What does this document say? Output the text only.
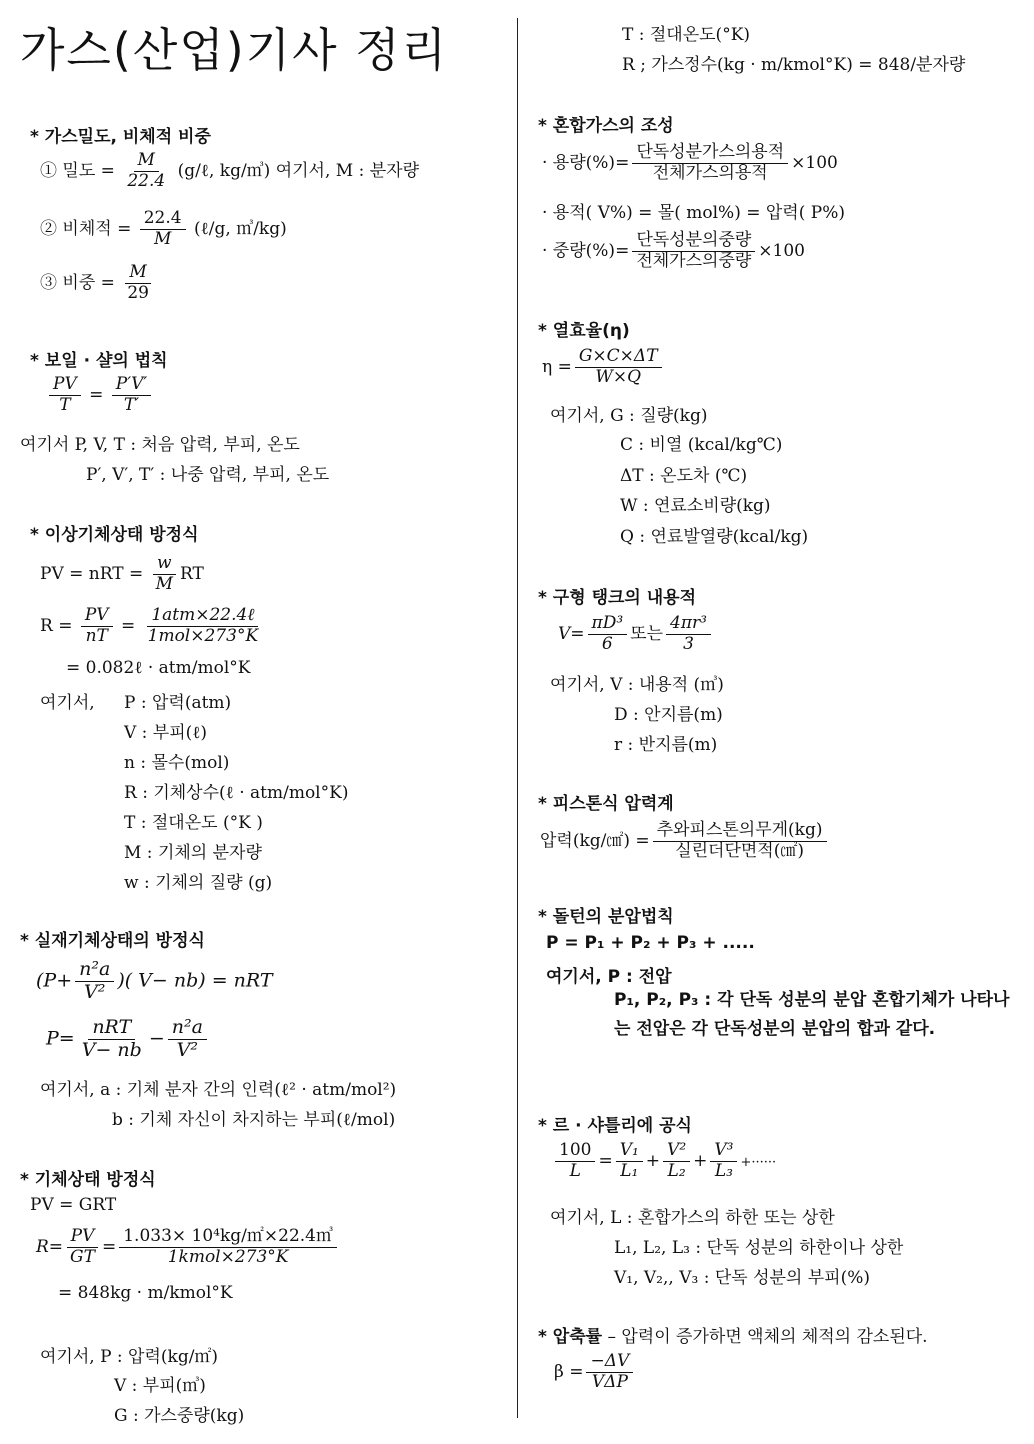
가스(산업)기사 정리
* 가스밀도, 비체적 비중
① 밀도 = $\frac{M}{22.4}$ (g/ℓ, kg/㎥) 여기서, M : 분자량
② 비체적 = $\frac{22.4}{M}$ (ℓ/g, ㎥/kg)
③ 비중 = $\frac{M}{29}$
* 보일 · 샬의 법칙
$\frac{PV}{T} = \frac{P'V'}{T'}$
여기서 P, V, T : 처음 압력, 부피, 온도
P′, V′, T′ : 나중 압력, 부피, 온도
* 이상기체상태 방정식
PV = nRT = $\frac{w}{M}$ RT
$R = \frac{PV}{nT} = \frac{\text{1atm×22.4ℓ}}{\text{1mol×273°K}}$
= 0.082ℓ · atm/mol°K
여기서, P : 압력(atm)
V : 부피(ℓ)
n : 몰수(mol)
R : 기체상수(ℓ · atm/mol°K)
T : 절대온도 (°K )
M : 기체의 분자량
w : 기체의 질량 (g)
* 실재기체상태의 방정식
($P+ \frac{\text{n²a}}{\text{V²}}$ )( V− nb) = nRT
$P= \frac{\text{nRT}}{V- nb} - \frac{\text{n²a}}{\text{V²}}$
여기서, a : 기체 분자 간의 인력(ℓ² · atm/mol²)
b : 기체 자신이 차지하는 부피(ℓ/mol)
* 기체상태 방정식
PV = GRT
$R= \frac{PV}{GT} = \frac{\text{1.033× 10⁴kg/㎡×22.4㎥}}{\text{1kmol×273°K}}$
= 848kg · m/kmol°K
여기서, P : 압력(kg/㎡)
V : 부피(㎥)
G : 가스중량(kg)
T : 절대온도(°K)
R ; 가스정수(kg · m/kmol°K) = 848/분자량
* 혼합가스의 조성
· 용량(%)= $\frac{\text{단독성분가스의용적}}{\text{전체가스의용적}} \times 100$
· 용적( V%) = 몰( mol%) = 압력( P%)
· 중량(%)= $\frac{\text{단독성분의중량}}{\text{전체가스의중량}} \times 100$
* 열효율(η)
$\eta = \frac{G\times C\times\Delta T}{W\times Q}$
여기서, G : 질량(kg)
C : 비열 (kcal/kg℃)
ΔT : 온도차 (℃)
W : 연료소비량(kg)
Q : 연료발열량(kcal/kg)
* 구형 탱크의 내용적
$V= \frac{\text{πD³}}{6}$ 또는 $\frac{\text{4πr³}}{3}$
여기서, V : 내용적 (㎥)
D : 안지름(m)
r : 반지름(m)
* 피스톤식 압력계
압력(kg/㎠) = $\frac{\text{추와피스톤의무게(kg)}}{\text{실린더단면적(㎠)}}$
* 돌턴의 분압법칙
P = P₁ + P₂ + P₃ + .....
여기서, P : 전압
P₁, P₂, P₃ : 각 단독 성분의 분압 혼합기체가 나타나는 전압은 각 단독성분의 분압의 합과 같다.
* 르 · 샤틀리에 공식
$\frac{100}{L} = \frac{\text{V₁}}{\text{L₁}} + \frac{\text{V²}}{\text{L₂}} + \frac{\text{V³}}{\text{L₃}}$ +······
여기서, L : 혼합가스의 하한 또는 상한
L₁, L₂, L₃ : 단독 성분의 하한이나 상한
V₁, V₂,, V₃ : 단독 성분의 부피(%)
* 압축률 – 압력이 증가하면 액체의 체적의 감소된다.
$\beta = \frac{-\Delta V}{\text{VΔP}}$
